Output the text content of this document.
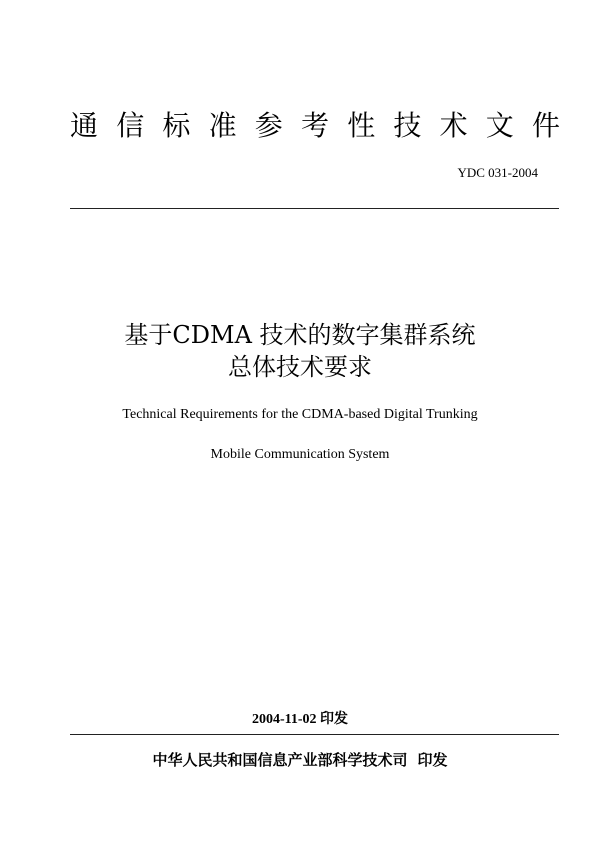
通信标准参考性技术文件
YDC 031-2004
基于CDMA 技术的数字集群系统
总体技术要求
Technical Requirements for the CDMA-based Digital Trunking
Mobile Communication System
2004-11-02 印发
中华人民共和国信息产业部科学技术司 印发
